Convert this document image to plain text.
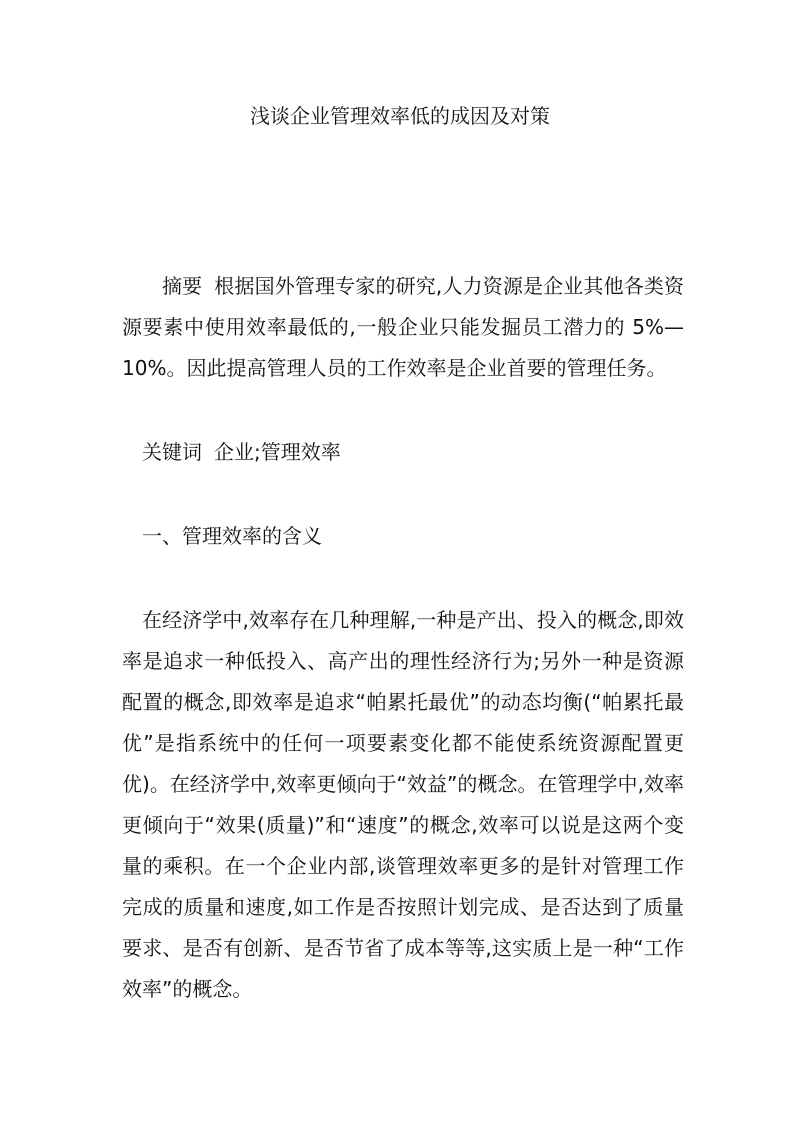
浅谈企业管理效率低的成因及对策

摘要 根据国外管理专家的研究,人力资源是企业其他各类资源要素中使用效率最低的,一般企业只能发掘员工潜力的 5%—10%。因此提高管理人员的工作效率是企业首要的管理任务。

关键词 企业;管理效率

一、管理效率的含义

在经济学中,效率存在几种理解,一种是产出、投入的概念,即效率是追求一种低投入、高产出的理性经济行为;另外一种是资源配置的概念,即效率是追求“帕累托最优”的动态均衡(“帕累托最优”是指系统中的任何一项要素变化都不能使系统资源配置更优)。在经济学中,效率更倾向于“效益”的概念。在管理学中,效率更倾向于“效果(质量)”和“速度”的概念,效率可以说是这两个变量的乘积。在一个企业内部,谈管理效率更多的是针对管理工作完成的质量和速度,如工作是否按照计划完成、是否达到了质量要求、是否有创新、是否节省了成本等等,这实质上是一种“工作效率”的概念。
